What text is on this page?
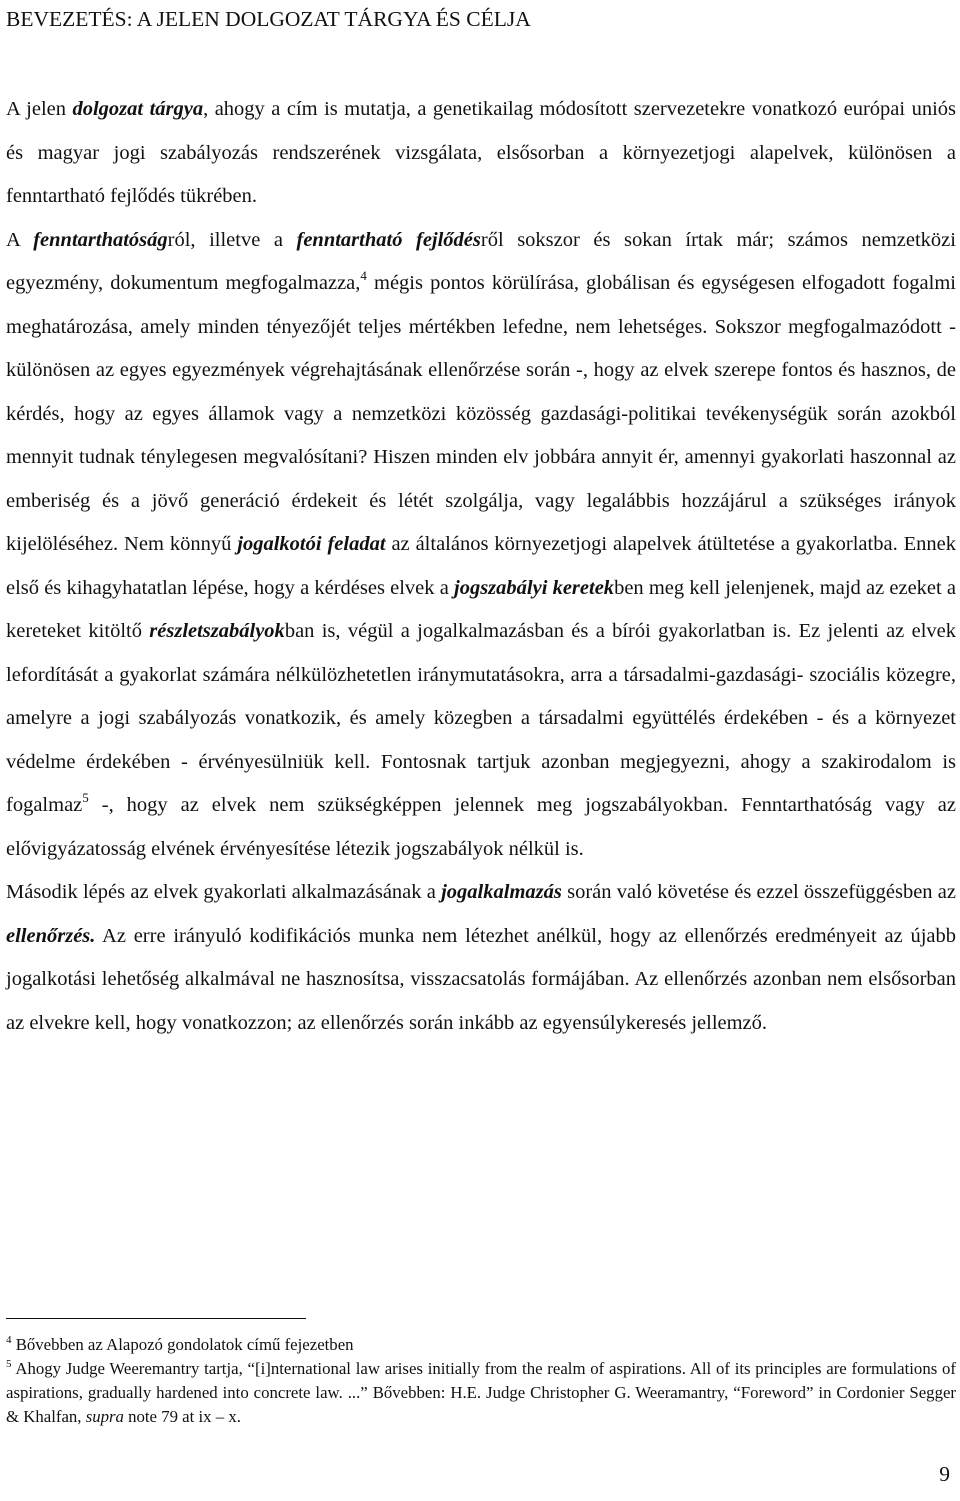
BEVEZETÉS: A JELEN DOLGOZAT TÁRGYA ÉS CÉLJA

A jelen dolgozat tárgya, ahogy a cím is mutatja, a genetikailag módosított szervezetekre vonatkozó európai uniós és magyar jogi szabályozás rendszerének vizsgálata, elsősorban a környezetjogi alapelvek, különösen a fenntartható fejlődés tükrében.
A fenntarthatóságról, illetve a fenntartható fejlődésről sokszor és sokan írtak már; számos nemzetközi egyezmény, dokumentum megfogalmazza,$^4$ mégis pontos körülírása, globálisan és egységesen elfogadott fogalmi meghatározása, amely minden tényezőjét teljes mértékben lefedne, nem lehetséges. Sokszor megfogalmazódott - különösen az egyes egyezmények végrehajtásának ellenőrzése során -, hogy az elvek szerepe fontos és hasznos, de kérdés, hogy az egyes államok vagy a nemzetközi közösség gazdasági-politikai tevékenységük során azokból mennyit tudnak ténylegesen megvalósítani? Hiszen minden elv jobbára annyit ér, amennyi gyakorlati haszonnal az emberiség és a jövő generáció érdekeit és létét szolgálja, vagy legalábbis hozzájárul a szükséges irányok kijelöléséhez. Nem könnyű jogalkotói feladat az általános környezetjogi alapelvek átültetése a gyakorlatba. Ennek első és kihagyhatatlan lépése, hogy a kérdéses elvek a jogszabályi keretekben meg kell jelenjenek, majd az ezeket a kereteket kitöltő részletszabályokban is, végül a jogalkalmazásban és a bírói gyakorlatban is. Ez jelenti az elvek lefordítását a gyakorlat számára nélkülözhetetlen iránymutatásokra, arra a társadalmi-gazdasági- szociális közegre, amelyre a jogi szabályozás vonatkozik, és amely közegben a társadalmi együttélés érdekében - és a környezet védelme érdekében - érvényesülniük kell. Fontosnak tartjuk azonban megjegyezni, ahogy a szakirodalom is fogalmaz$^5$ -, hogy az elvek nem szükségképpen jelennek meg jogszabályokban. Fenntarthatóság vagy az elővigyázatosság elvének érvényesítése létezik jogszabályok nélkül is.

Második lépés az elvek gyakorlati alkalmazásának a jogalkalmazás során való követése és ezzel összefüggésben az ellenőrzés. Az erre irányuló kodifikációs munka nem létezhet anélkül, hogy az ellenőrzés eredményeit az újabb jogalkotási lehetőség alkalmával ne hasznosítsa, visszacsatolás formájában. Az ellenőrzés azonban nem elsősorban az elvekre kell, hogy vonatkozzon; az ellenőrzés során inkább az egyensúlykeresés jellemző.

$^4$ Bővebben az Alapozó gondolatok című fejezetben

$^5$ Ahogy Judge Weeremantry tartja, “[i]nternational law arises initially from the realm of aspirations. All of its principles are formulations of aspirations, gradually hardened into concrete law. ...” Bővebben: H.E. Judge Christopher G. Weeramantry, “Foreword” in Cordonier Segger & Khalfan, supra note 79 at ix – x.

9
